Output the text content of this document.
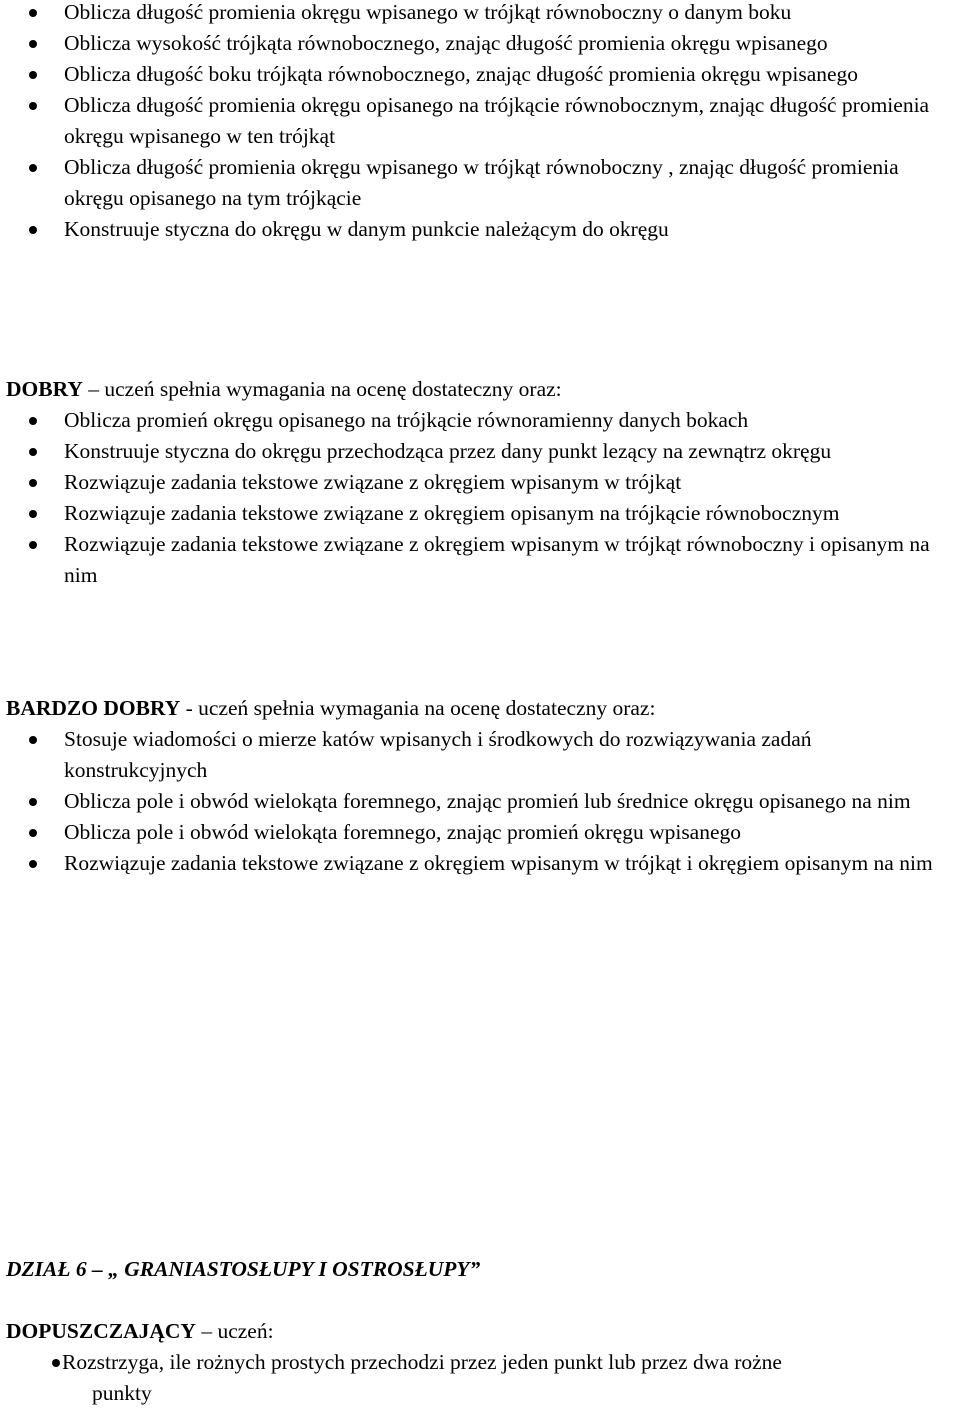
Oblicza długość promienia okręgu wpisanego w trójkąt równoboczny o danym boku
Oblicza wysokość trójkąta równobocznego, znając długość promienia okręgu wpisanego
Oblicza długość boku trójkąta równobocznego, znając długość promienia okręgu wpisanego
Oblicza długość promienia okręgu opisanego na trójkącie równobocznym, znając długość promienia okręgu wpisanego w ten trójkąt
Oblicza długość promienia okręgu wpisanego w trójkąt równoboczny , znając długość promienia okręgu opisanego na tym trójkącie
Konstruuje styczna do okręgu w danym punkcie należącym do okręgu
DOBRY – uczeń spełnia wymagania na ocenę dostateczny oraz:
Oblicza promień okręgu opisanego na trójkącie równoramienny danych bokach
Konstruuje styczna do okręgu przechodząca przez dany punkt lezący na zewnątrz okręgu
Rozwiązuje zadania tekstowe związane z okręgiem wpisanym w trójkąt
Rozwiązuje zadania tekstowe związane z okręgiem opisanym na trójkącie równobocznym
Rozwiązuje zadania tekstowe związane z okręgiem wpisanym w trójkąt równoboczny i opisanym na nim
BARDZO DOBRY - uczeń spełnia wymagania na ocenę dostateczny oraz:
Stosuje wiadomości o mierze katów wpisanych i środkowych do rozwiązywania zadań konstrukcyjnych
Oblicza pole i obwód wielokąta foremnego, znając promień lub średnice okręgu opisanego na nim
Oblicza pole i obwód wielokąta foremnego, znając promień okręgu wpisanego
Rozwiązuje zadania tekstowe związane z okręgiem wpisanym w trójkąt i okręgiem opisanym na nim
DZIAŁ 6 – „ GRANIASTOSŁUPY I OSTROSŁUPY”
DOPUSZCZAJĄCY – uczeń:
Rozstrzyga, ile rożnych prostych przechodzi przez jeden punkt lub przez dwa rożne
punkty
